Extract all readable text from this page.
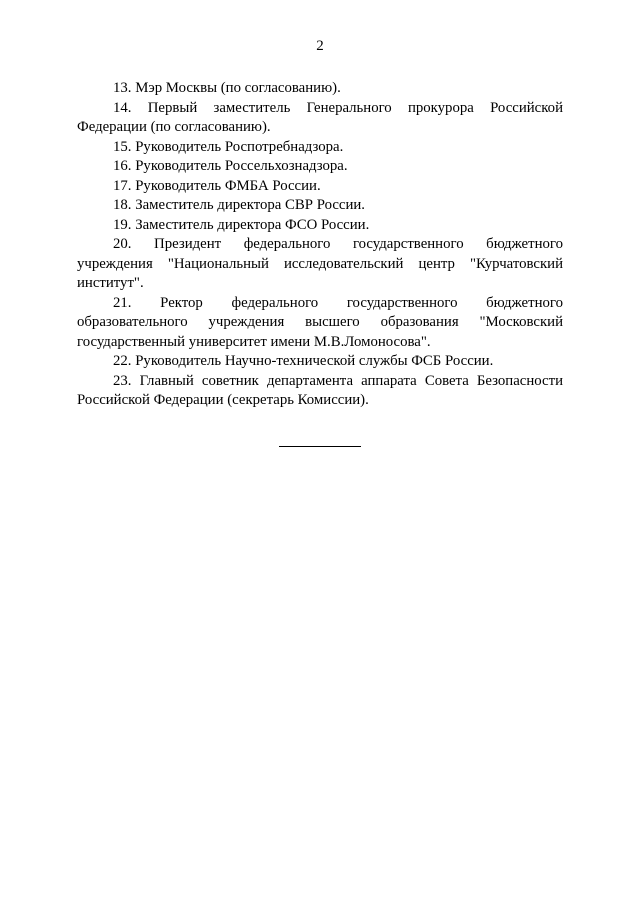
2

13. Мэр Москвы (по согласованию).

14. Первый заместитель Генерального прокурора Российской Федерации (по согласованию).

15. Руководитель Роспотребнадзора.

16. Руководитель Россельхознадзора.

17. Руководитель ФМБА России.

18. Заместитель директора СВР России.

19. Заместитель директора ФСО России.

20. Президент федерального государственного бюджетного учреждения "Национальный исследовательский центр "Курчатовский институт".

21. Ректор федерального государственного бюджетного образовательного учреждения высшего образования "Московский государственный университет имени М.В.Ломоносова".

22. Руководитель Научно-технической службы ФСБ России.

23. Главный советник департамента аппарата Совета Безопасности Российской Федерации (секретарь Комиссии).
